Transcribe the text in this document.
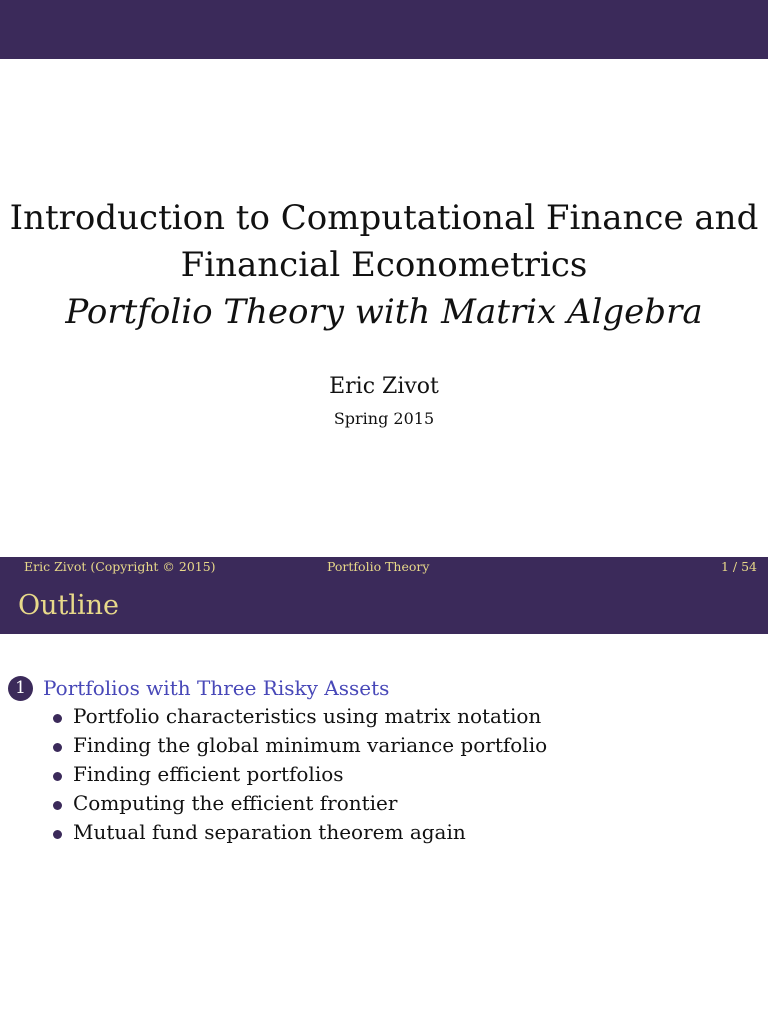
Introduction to Computational Finance and
Financial Econometrics
Portfolio Theory with Matrix Algebra
Eric Zivot
Spring 2015
Eric Zivot (Copyright © 2015)	Portfolio Theory	1 / 54
Outline
1 Portfolios with Three Risky Assets
Portfolio characteristics using matrix notation
Finding the global minimum variance portfolio
Finding efficient portfolios
Computing the efficient frontier
Mutual fund separation theorem again
